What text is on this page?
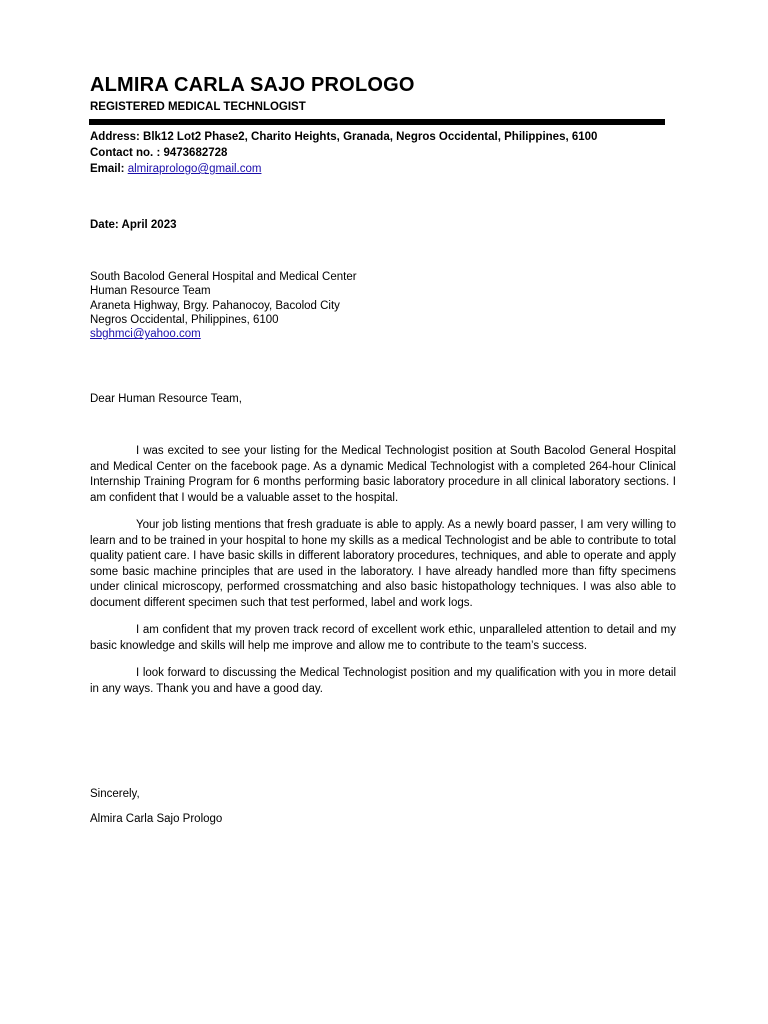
ALMIRA CARLA SAJO PROLOGO
REGISTERED MEDICAL TECHNLOGIST
Address: Blk12 Lot2 Phase2, Charito Heights, Granada, Negros Occidental, Philippines, 6100
Contact no. : 9473682728
Email: almiraprologo@gmail.com
Date: April 2023
South Bacolod General Hospital and Medical Center
Human Resource Team
Araneta Highway, Brgy. Pahanocoy, Bacolod City
Negros Occidental, Philippines, 6100
sbghmci@yahoo.com
Dear Human Resource Team,

I was excited to see your listing for the Medical Technologist position at South Bacolod General Hospital and Medical Center on the facebook page. As a dynamic Medical Technologist with a completed 264-hour Clinical Internship Training Program for 6 months performing basic laboratory procedure in all clinical laboratory sections. I am confident that I would be a valuable asset to the hospital.

Your job listing mentions that fresh graduate is able to apply. As a newly board passer, I am very willing to learn and to be trained in your hospital to hone my skills as a medical Technologist and be able to contribute to total quality patient care. I have basic skills in different laboratory procedures, techniques, and able to operate and apply some basic machine principles that are used in the laboratory. I have already handled more than fifty specimens under clinical microscopy, performed crossmatching and also basic histopathology techniques. I was also able to document different specimen such that test performed, label and work logs.

I am confident that my proven track record of excellent work ethic, unparalleled attention to detail and my basic knowledge and skills will help me improve and allow me to contribute to the team’s success.

I look forward to discussing the Medical Technologist position and my qualification with you in more detail in any ways. Thank you and have a good day.

Sincerely,
Almira Carla Sajo Prologo
